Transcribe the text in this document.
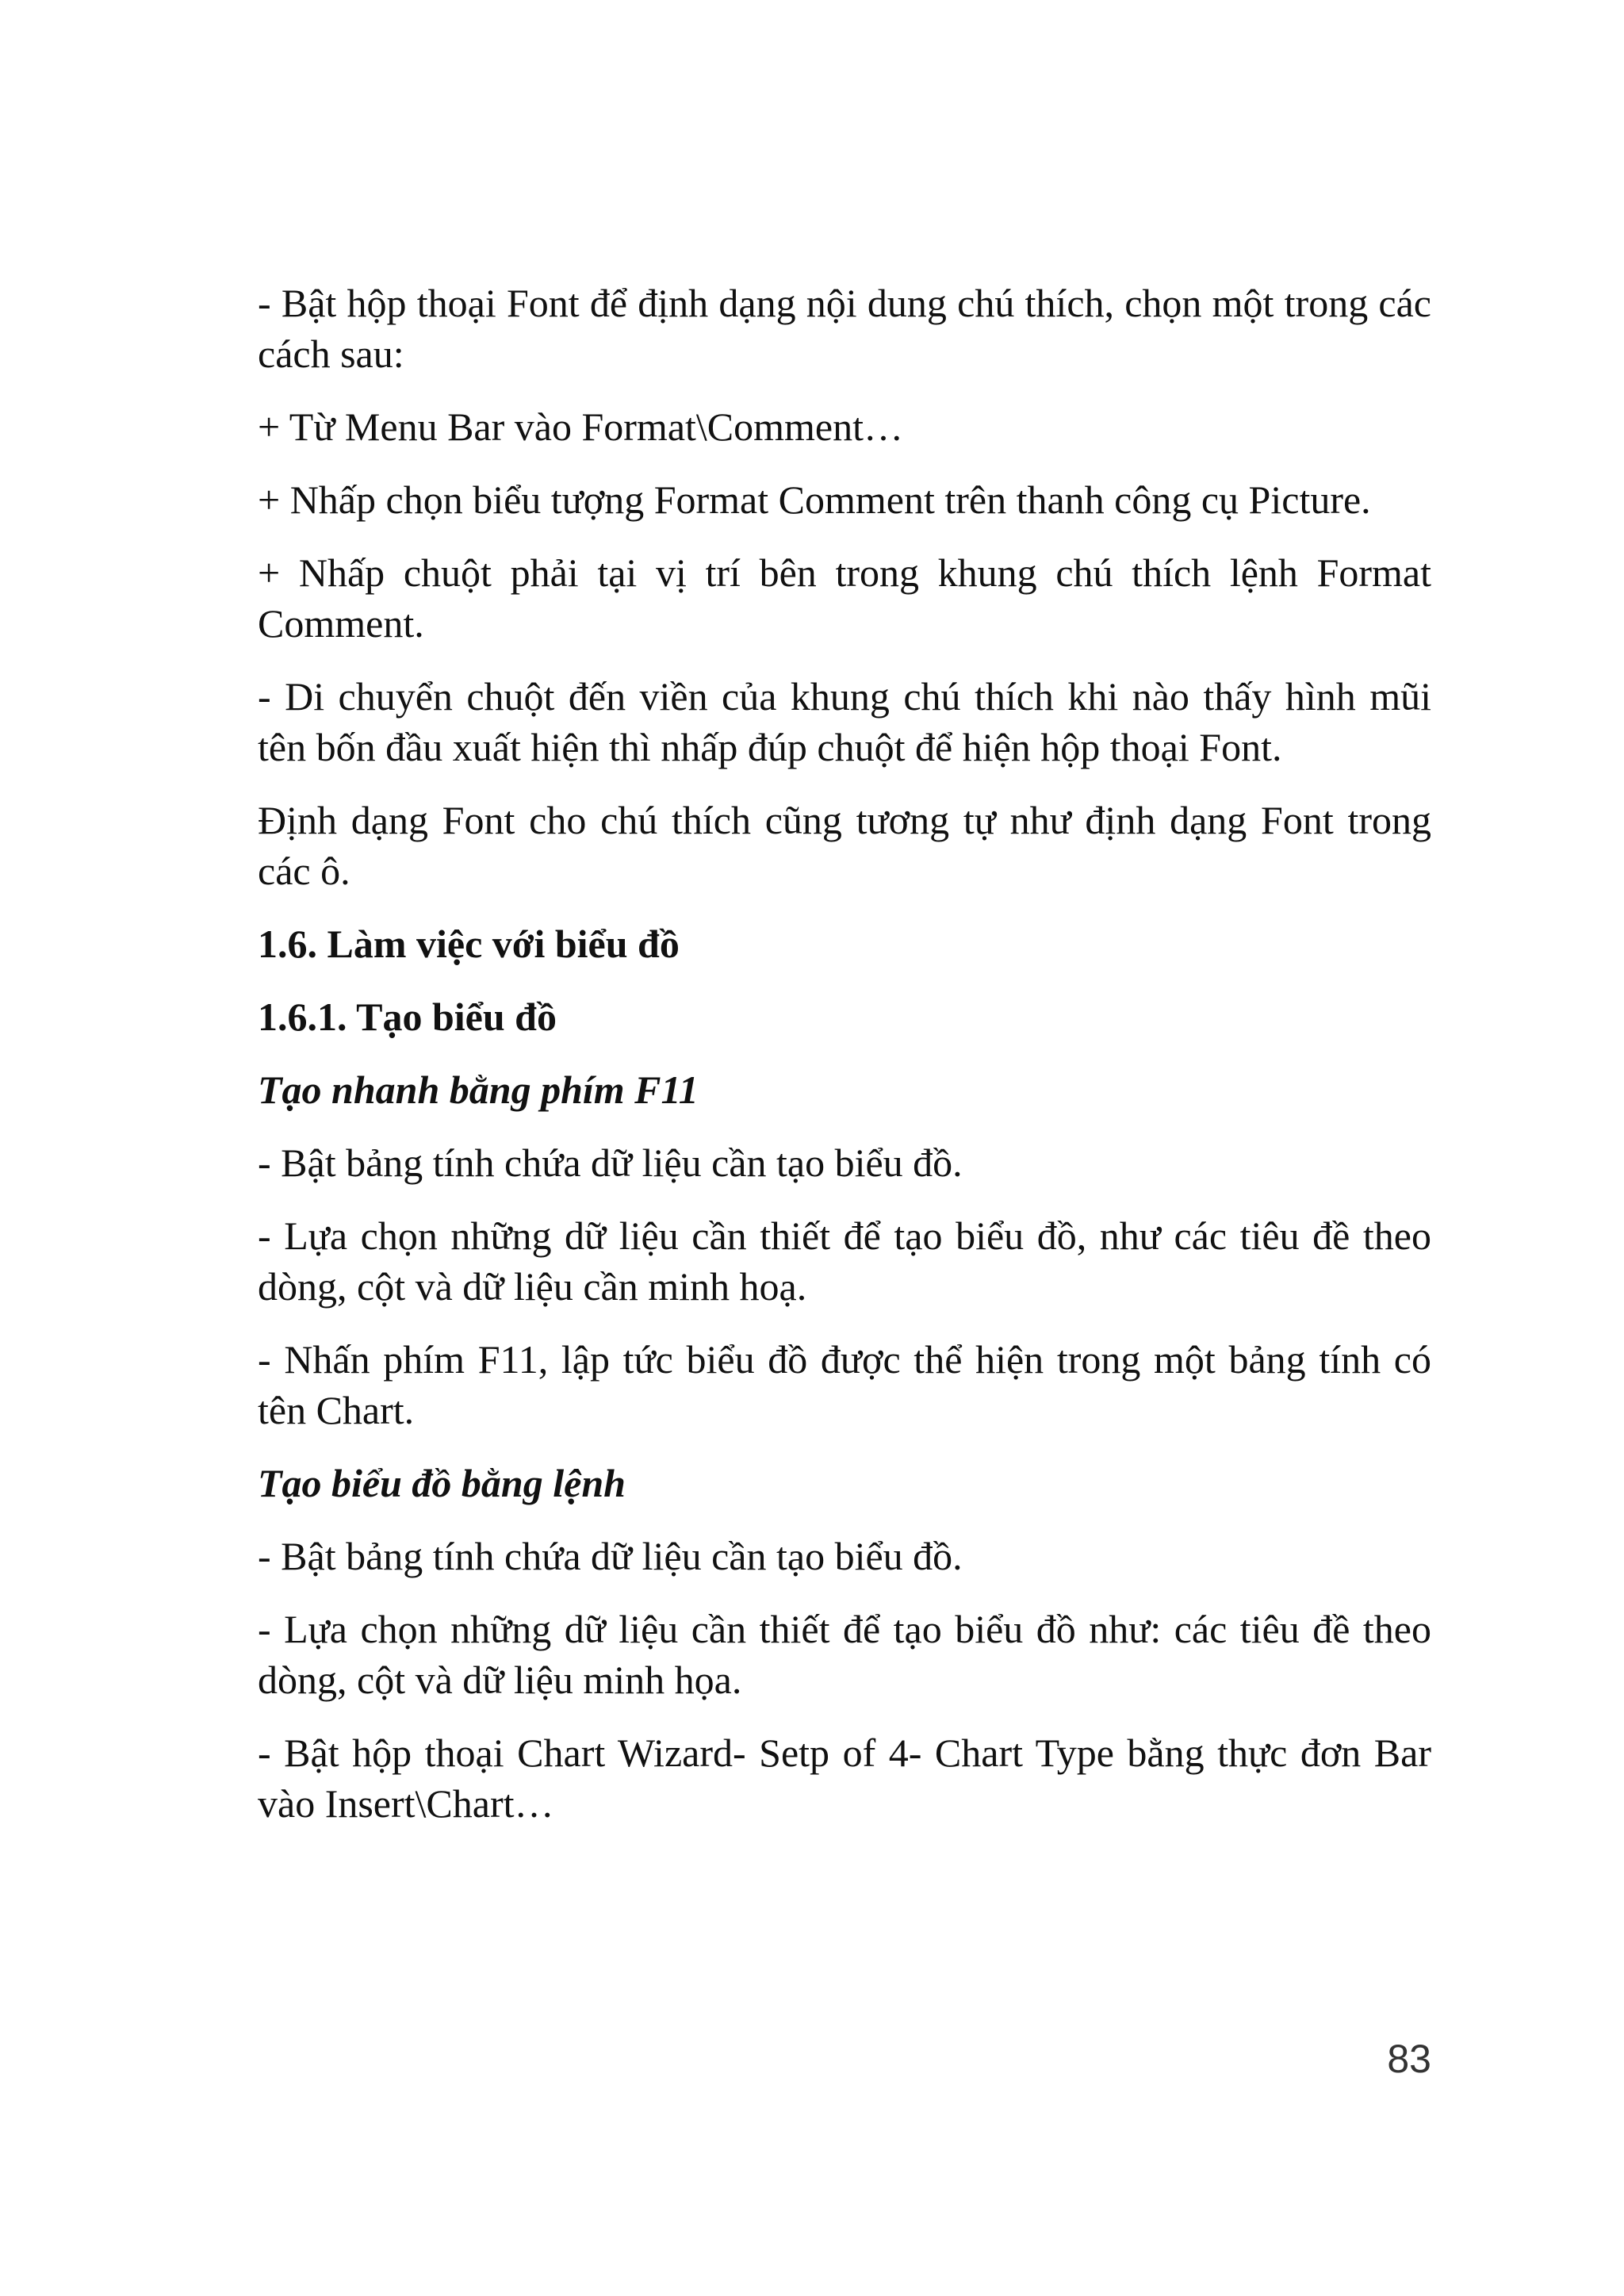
- Bật hộp thoại Font để định dạng nội dung chú thích, chọn một trong các cách sau:

+ Từ Menu Bar vào Format\Comment…

+ Nhấp chọn biểu tượng Format Comment trên thanh công cụ Picture.

+ Nhấp chuột phải tại vị trí bên trong khung chú thích lệnh Format Comment.

- Di chuyển chuột đến viền của khung chú thích khi nào thấy hình mũi tên bốn đầu xuất hiện thì nhấp đúp chuột để hiện hộp thoại Font.

Định dạng Font cho chú thích cũng tương tự như định dạng Font trong các ô.

1.6. Làm việc với biểu đồ
1.6.1. Tạo biểu đồ
Tạo nhanh bằng phím F11

- Bật bảng tính chứa dữ liệu cần tạo biểu đồ.

- Lựa chọn những dữ liệu cần thiết để tạo biểu đồ, như các tiêu đề theo dòng, cột và dữ liệu cần minh hoạ.

- Nhấn phím F11, lập tức biểu đồ được thể hiện trong một bảng tính có tên Chart.

Tạo biểu đồ bằng lệnh

- Bật bảng tính chứa dữ liệu cần tạo biểu đồ.

- Lựa chọn những dữ liệu cần thiết để tạo biểu đồ như: các tiêu đề theo dòng, cột và dữ liệu minh họa.

- Bật hộp thoại Chart Wizard- Setp of 4- Chart Type bằng thực đơn Bar vào Insert\Chart…

83
